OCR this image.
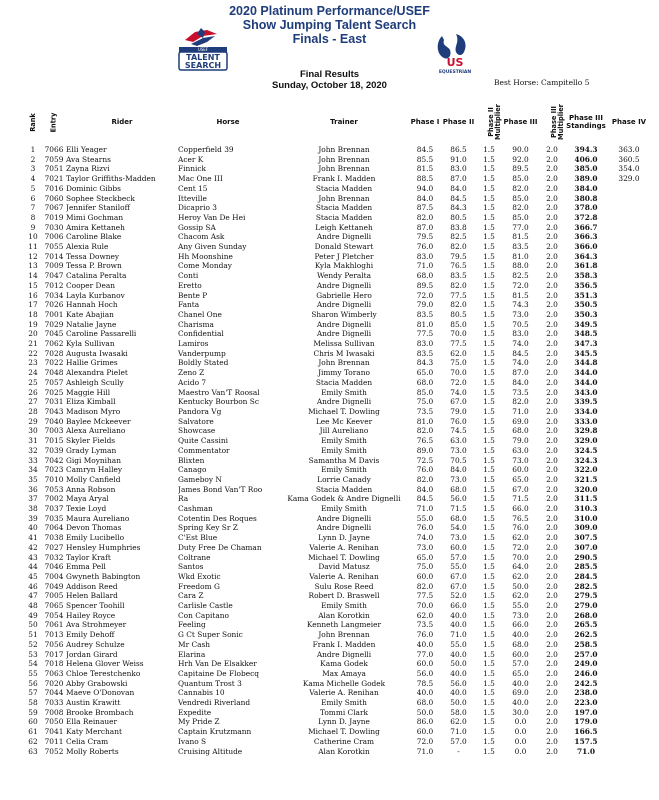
USEF
TALENT
SEARCH	US
EQUESTRIAN
2020 Platinum Performance/USEF
Show Jumping Talent Search
Finals - East
Final Results
Sunday, October 18, 2020	Best Horse: Campitello 5
Rank	Entry	Rider	Horse	Trainer	Phase I	Phase II	Phase II
Multiplier	Phase III	Phase III
Multiplier	Phase III
Standings	Phase IV
1	7066	Elli Yeager	Copperfield 39	John Brennan	84.5	86.5	1.5	90.0	2.0	394.3	363.0
2	7059	Ava Stearns	Acer K	John Brennan	85.5	91.0	1.5	92.0	2.0	406.0	360.5
3	7051	Zayna Rizvi	Finnick	John Brennan	81.5	83.0	1.5	89.5	2.0	385.0	354.0
4	7021	Taylor Griffiths-Madden	Mac One III	Frank I. Madden	88.5	87.0	1.5	85.0	2.0	389.0	329.0
5	7016	Dominic Gibbs	Cent 15	Stacia Madden	94.0	84.0	1.5	82.0	2.0	384.0	
6	7060	Sophee Steckbeck	Itteville	John Brennan	84.0	84.5	1.5	85.0	2.0	380.8	
7	7067	Jennifer Staniloff	Dicaprio 3	Stacia Madden	87.5	84.3	1.5	82.0	2.0	378.0	
8	7019	Mimi Gochman	Heroy Van De Hei	Stacia Madden	82.0	80.5	1.5	85.0	2.0	372.8	
9	7030	Amira Kettaneh	Gossip SA	Leigh Kettaneh	87.0	83.8	1.5	77.0	2.0	366.7	
10	7006	Caroline Blake	Chacom Ask	Andre Dignelli	79.5	82.5	1.5	81.5	2.0	366.3	
11	7055	Alexia Rule	Any Given Sunday	Donald Stewart	76.0	82.0	1.5	83.5	2.0	366.0	
12	7014	Tessa Downey	Hh Moonshine	Peter J Pletcher	83.0	79.5	1.5	81.0	2.0	364.3	
13	7009	Tessa P. Brown	Come Monday	Kyla Makhloghi	71.0	76.5	1.5	88.0	2.0	361.8	
14	7047	Catalina Peralta	Conti	Wendy Peralta	68.0	83.5	1.5	82.5	2.0	358.3	
15	7012	Cooper Dean	Eretto	Andre Dignelli	89.5	82.0	1.5	72.0	2.0	356.5	
16	7034	Layla Kurbanov	Bente P	Gabrielle Hero	72.0	77.5	1.5	81.5	2.0	351.3	
17	7026	Hannah Hoch	Fanta	Andre Dignelli	79.0	82.0	1.5	74.3	2.0	350.5	
18	7001	Kate Abajian	Chanel One	Sharon Wimberly	83.5	80.5	1.5	73.0	2.0	350.3	
19	7029	Natalie Jayne	Charisma	Andre Dignelli	81.0	85.0	1.5	70.5	2.0	349.5	
20	7045	Caroline Passarelli	Confidential	Andre Dignelli	77.5	70.0	1.5	83.0	2.0	348.5	
21	7062	Kyla Sullivan	Lamiros	Melissa Sullivan	83.0	77.5	1.5	74.0	2.0	347.3	
22	7028	Augusta Iwasaki	Vanderpump	Chris M Iwasaki	83.5	62.0	1.5	84.5	2.0	345.5	
23	7022	Hallie Grimes	Boldly Stated	John Brennan	84.3	75.0	1.5	74.0	2.0	344.8	
24	7048	Alexandra Pielet	Zeno Z	Jimmy Torano	65.0	70.0	1.5	87.0	2.0	344.0	
25	7057	Ashleigh Scully	Acido 7	Stacia Madden	68.0	72.0	1.5	84.0	2.0	344.0	
26	7025	Maggie Hill	Maestro Van'T Roosal	Emily Smith	85.0	74.0	1.5	73.5	2.0	343.0	
27	7031	Eliza Kimball	Kentucky Bourbon Sc	Andre Dignelli	75.0	67.0	1.5	82.0	2.0	339.5	
28	7043	Madison Myro	Pandora Vg	Michael T. Dowling	73.5	79.0	1.5	71.0	2.0	334.0	
29	7040	Baylee Mckeever	Salvatore	Lee Mc Keever	81.0	76.0	1.5	69.0	2.0	333.0	
30	7003	Alexa Aureliano	Showcase	Jill Aureliano	82.0	74.5	1.5	68.0	2.0	329.8	
31	7015	Skyler Fields	Quite Cassini	Emily Smith	76.5	63.0	1.5	79.0	2.0	329.0	
32	7039	Grady Lyman	Commentator	Emily Smith	89.0	73.0	1.5	63.0	2.0	324.5	
33	7042	Gigi Moynihan	Blixten	Samantha M Davis	72.5	70.5	1.5	73.0	2.0	324.3	
34	7023	Camryn Halley	Canago	Emily Smith	76.0	84.0	1.5	60.0	2.0	322.0	
35	7010	Molly Canfield	Gameboy N	Lorrie Canady	82.0	73.0	1.5	65.0	2.0	321.5	
36	7053	Anna Robson	James Bond Van'T Roo	Stacia Madden	84.0	68.0	1.5	67.0	2.0	320.0	
37	7002	Maya Aryal	Ra	Kama Godek & Andre Dignelli	84.5	56.0	1.5	71.5	2.0	311.5	
38	7037	Texie Loyd	Cashman	Emily Smith	71.0	71.5	1.5	66.0	2.0	310.3	
39	7035	Maura Aureliano	Cotentin Des Roques	Andre Dignelli	55.0	68.0	1.5	76.5	2.0	310.0	
40	7064	Devon Thomas	Spring Key Sr Z	Andre Dignelli	76.0	54.0	1.5	76.0	2.0	309.0	
41	7038	Emily Lucibello	C'Est Blue	Lynn D. Jayne	74.0	73.0	1.5	62.0	2.0	307.5	
42	7027	Hensley Humphries	Duty Free De Chaman	Valerie A. Renihan	73.0	60.0	1.5	72.0	2.0	307.0	
43	7032	Taylor Kraft	Coltrane	Michael T. Dowling	65.0	57.0	1.5	70.0	2.0	290.5	
44	7046	Emma Pell	Santos	David Matusz	75.0	55.0	1.5	64.0	2.0	285.5	
45	7004	Gwyneth Babington	Wkd Exotic	Valerie A. Renihan	60.0	67.0	1.5	62.0	2.0	284.5	
46	7049	Addison Reed	Freedom G	Sulu Rose Reed	82.0	67.0	1.5	50.0	2.0	282.5	
47	7005	Helen Ballard	Cara Z	Robert D. Braswell	77.5	52.0	1.5	62.0	2.0	279.5	
48	7065	Spencer Toohill	Carlisle Castle	Emily Smith	70.0	66.0	1.5	55.0	2.0	279.0	
49	7054	Hailey Royce	Con Capitano	Alan Korotkin	62.0	40.0	1.5	73.0	2.0	268.0	
50	7061	Ava Strohmeyer	Feeling	Kenneth Langmeier	73.5	40.0	1.5	66.0	2.0	265.5	
51	7013	Emily Dehoff	G Ct Super Sonic	John Brennan	76.0	71.0	1.5	40.0	2.0	262.5	
52	7056	Audrey Schulze	Mr Cash	Frank I. Madden	40.0	55.0	1.5	68.0	2.0	258.5	
53	7017	Jordan Girard	Elarina	Andre Dignelli	77.0	40.0	1.5	60.0	2.0	257.0	
54	7018	Helena Glover Weiss	Hrh Van De Elsakker	Kama Godek	60.0	50.0	1.5	57.0	2.0	249.0	
55	7063	Chloe Terestchenko	Capitaine De Flobecq	Max Amaya	56.0	40.0	1.5	65.0	2.0	246.0	
56	7020	Abby Grabowski	Quantum Trost 3	Kama Michelle Godek	78.5	56.0	1.5	40.0	2.0	242.5	
57	7044	Maeve O'Donovan	Cannabis 10	Valerie A. Renihan	40.0	40.0	1.5	69.0	2.0	238.0	
58	7033	Austin Krawitt	Vendredi Riverland	Emily Smith	68.0	50.0	1.5	40.0	2.0	223.0	
59	7008	Brooke Brombach	Expedite	Tommi Clark	50.0	58.0	1.5	30.0	2.0	197.0	
60	7050	Ella Reinauer	My Pride Z	Lynn D. Jayne	86.0	62.0	1.5	0.0	2.0	179.0	
61	7041	Katy Merchant	Captain Krutzmann	Michael T. Dowling	60.0	71.0	1.5	0.0	2.0	166.5	
62	7011	Celia Cram	Ivano S	Catherine Cram	72.0	57.0	1.5	0.0	2.0	157.5	
63	7052	Molly Roberts	Cruising Altitude	Alan Korotkin	71.0	-	1.5	0.0	2.0	71.0	
